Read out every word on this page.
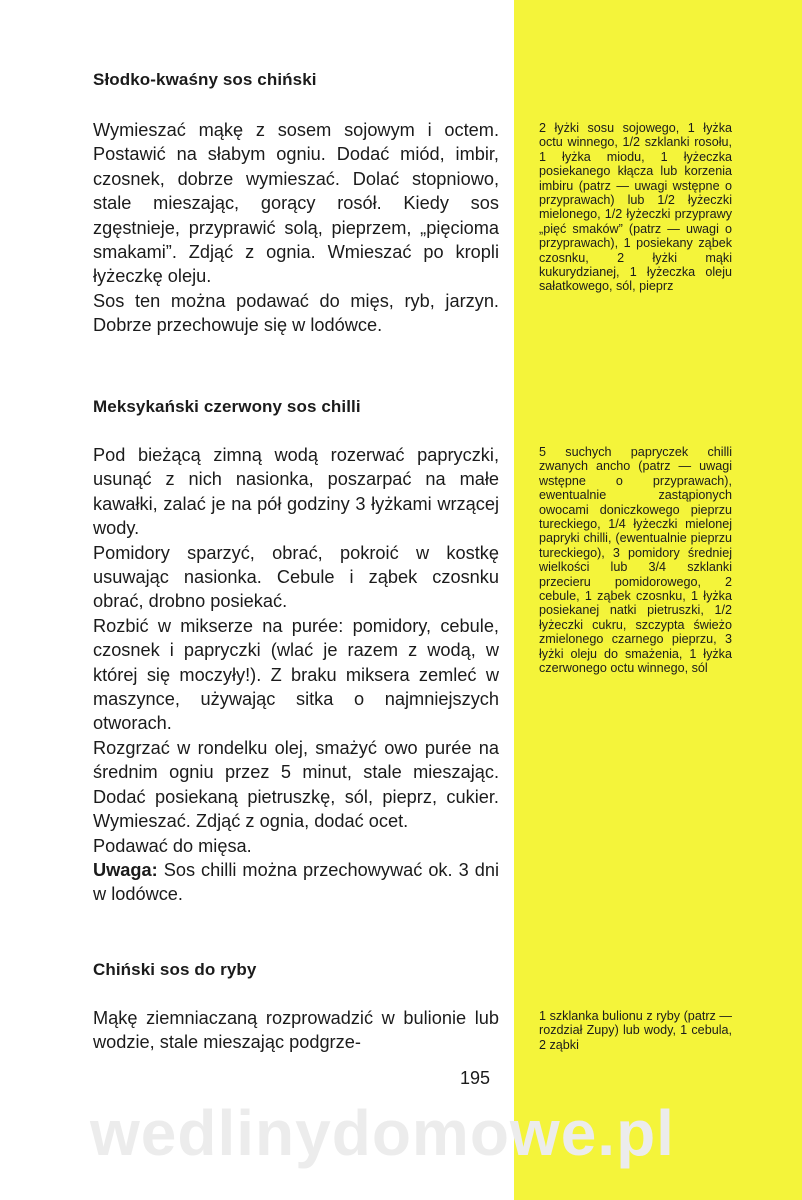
Słodko-kwaśny sos chiński

Wymieszać mąkę z sosem sojowym i octem. Postawić na słabym ogniu. Dodać miód, imbir, czosnek, dobrze wymieszać. Dolać stopniowo, stale mieszając, gorący rosół. Kiedy sos zgęstnieje, przyprawić solą, pieprzem, „pięcioma smakami”. Zdjąć z ognia. Wmieszać po kropli łyżeczkę oleju.

Sos ten można podawać do mięs, ryb, jarzyn. Dobrze przechowuje się w lodówce.

2 łyżki sosu sojowego, 1 łyżka octu winnego, 1/2 szklanki rosołu, 1 łyżka miodu, 1 łyżeczka posiekanego kłącza lub korzenia imbiru (patrz — uwagi wstępne o przyprawach) lub 1/2 łyżeczki mielonego, 1/2 łyżeczki przyprawy „pięć smaków” (patrz — uwagi o przyprawach), 1 posiekany ząbek czosnku, 2 łyżki mąki kukurydzianej, 1 łyżeczka oleju sałatkowego, sól, pieprz
Meksykański czerwony sos chilli

Pod bieżącą zimną wodą rozerwać papryczki, usunąć z nich nasionka, poszarpać na małe kawałki, zalać je na pół godziny 3 łyżkami wrzącej wody.

Pomidory sparzyć, obrać, pokroić w kostkę usuwając nasionka. Cebule i ząbek czosnku obrać, drobno posiekać.

Rozbić w mikserze na purée: pomidory, cebule, czosnek i papryczki (wlać je razem z wodą, w której się moczyły!). Z braku miksera zemleć w maszynce, używając sitka o najmniejszych otworach.

Rozgrzać w rondelku olej, smażyć owo purée na średnim ogniu przez 5 minut, stale mieszając. Dodać posiekaną pietruszkę, sól, pieprz, cukier. Wymieszać. Zdjąć z ognia, dodać ocet.

Podawać do mięsa.

Uwaga: Sos chilli można przechowywać ok. 3 dni w lodówce.

5 suchych papryczek chilli zwanych ancho (patrz — uwagi wstępne o przyprawach), ewentualnie zastąpionych owocami doniczkowego pieprzu tureckiego, 1/4 łyżeczki mielonej papryki chilli, (ewentualnie pieprzu tureckiego), 3 pomidory średniej wielkości lub 3/4 szklanki przecieru pomidorowego, 2 cebule, 1 ząbek czosnku, 1 łyżka posiekanej natki pietruszki, 1/2 łyżeczki cukru, szczypta świeżo zmielonego czarnego pieprzu, 3 łyżki oleju do smażenia, 1 łyżka czerwonego octu winnego, sól
Chiński sos do ryby

Mąkę ziemniaczaną rozprowadzić w bulionie lub wodzie, stale mieszając podgrze-

1 szklanka bulionu z ryby (patrz — rozdział Zupy) lub wody, 1 cebula, 2 ząbki
195
wedlinydomowe.pl
